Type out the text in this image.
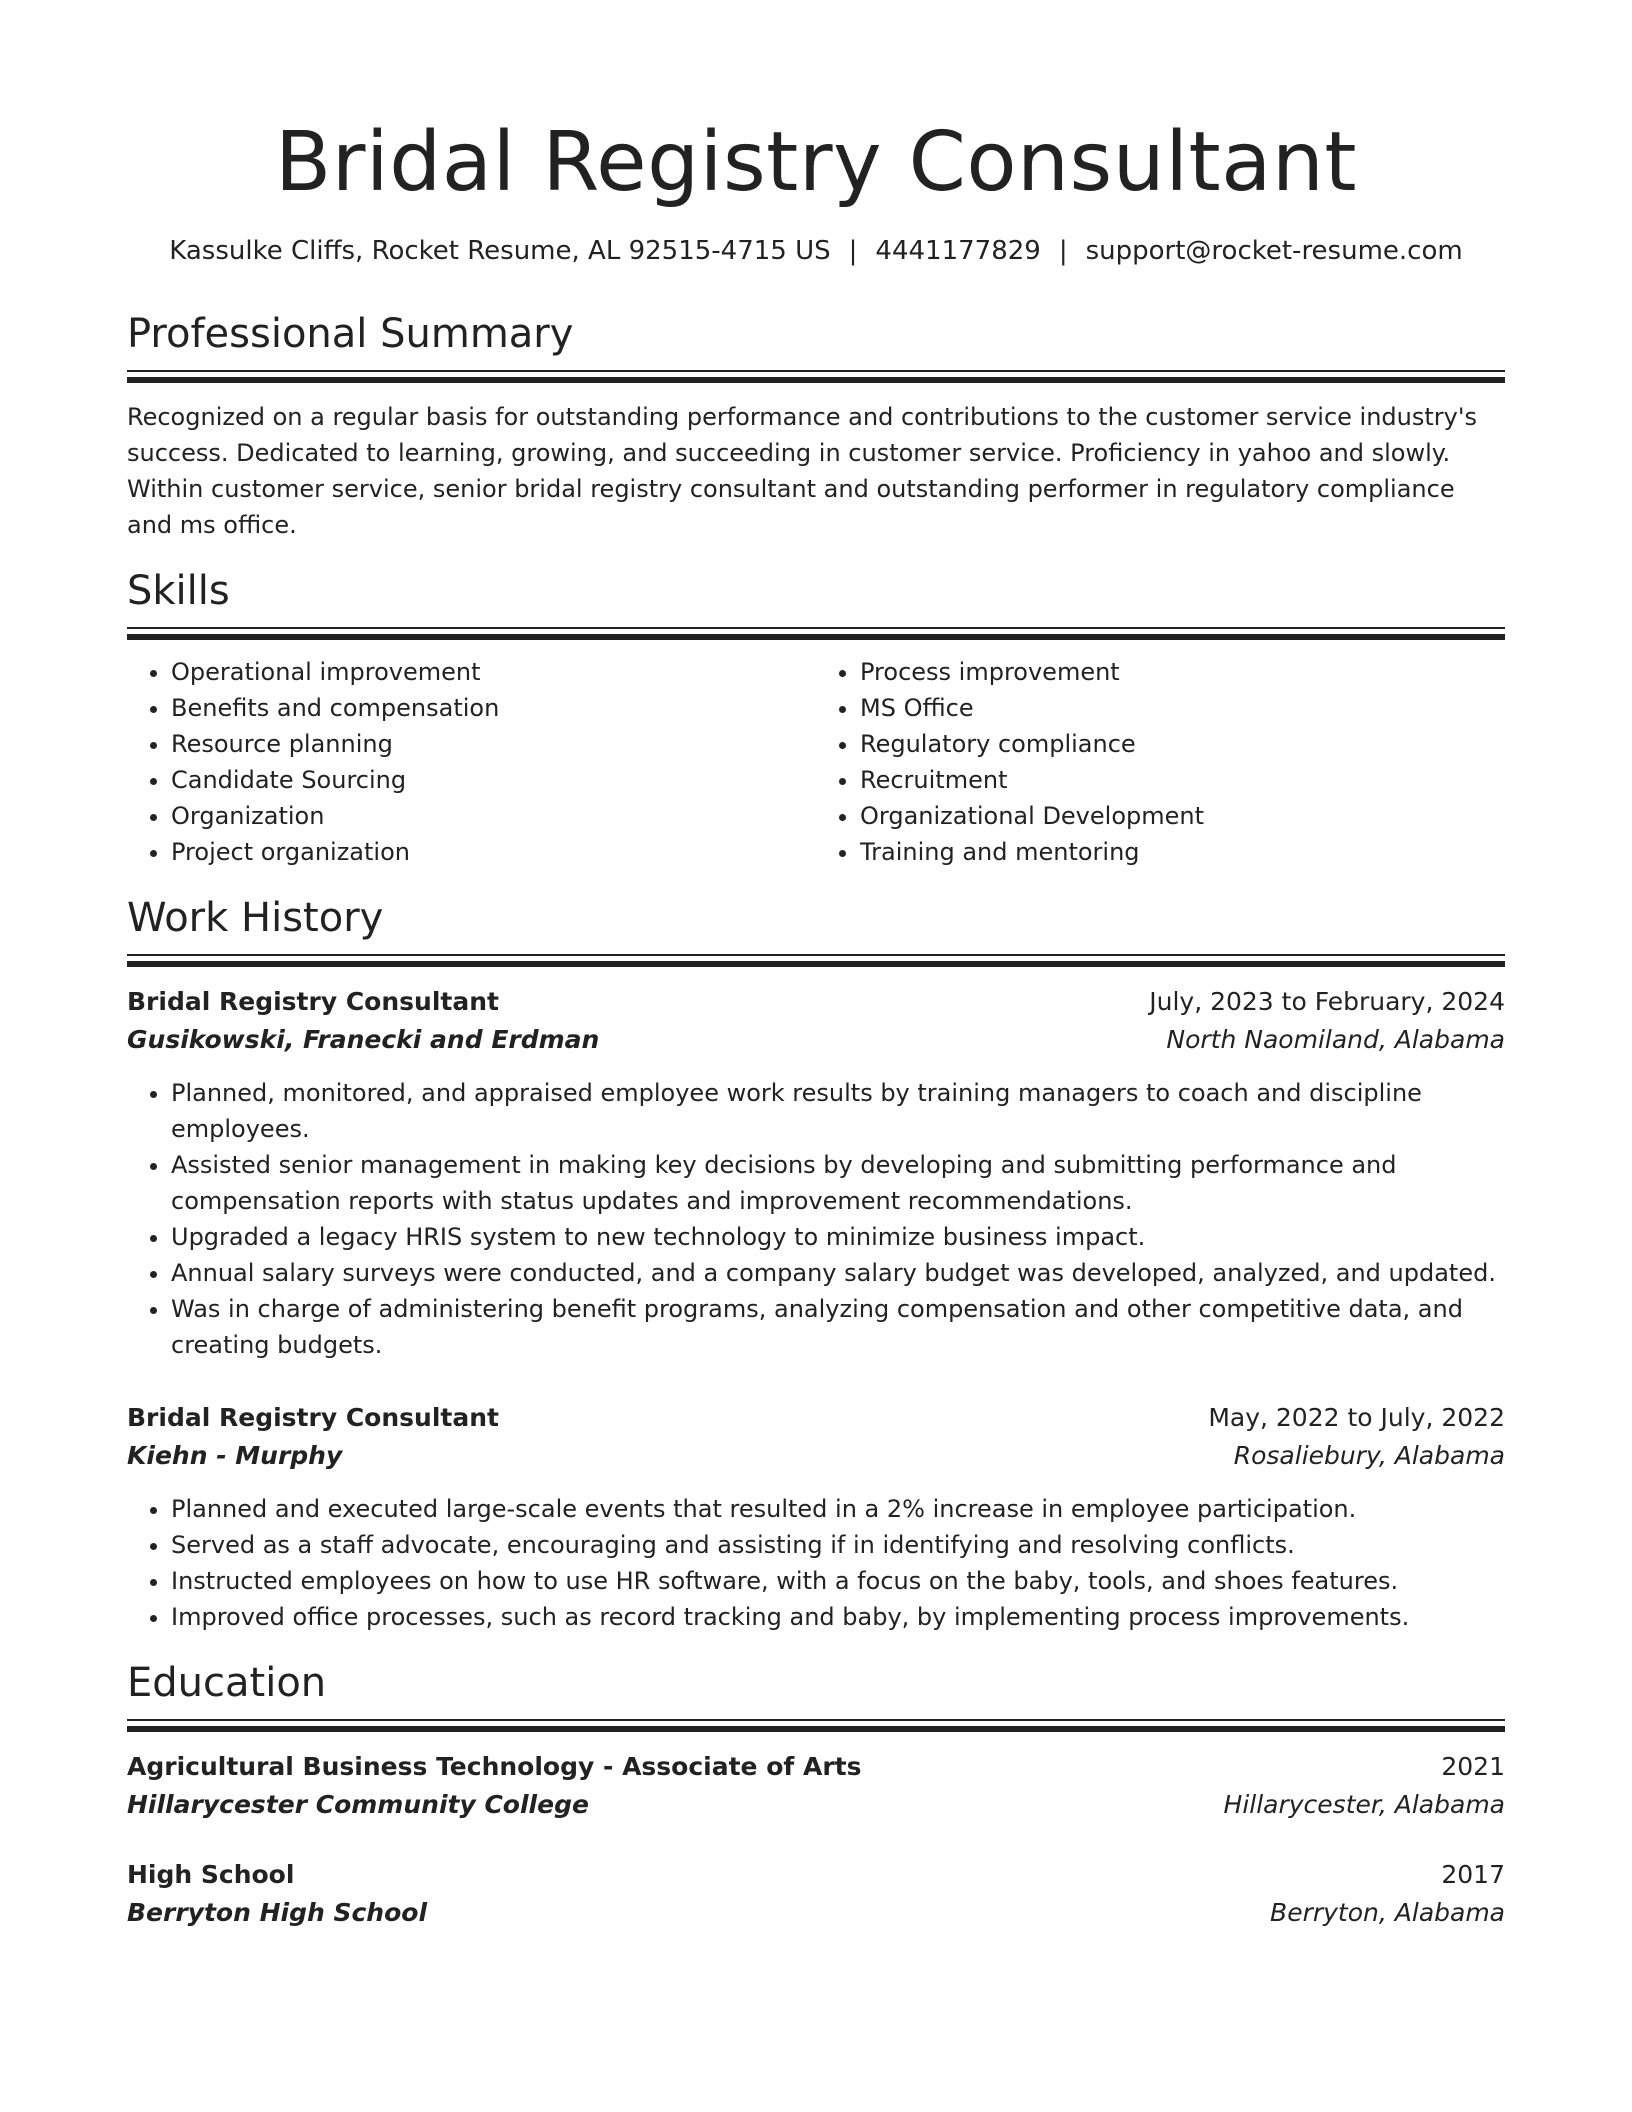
Bridal Registry Consultant
Kassulke Cliffs, Rocket Resume, AL 92515-4715 US | 4441177829 | support@rocket-resume.com
Professional Summary

Recognized on a regular basis for outstanding performance and contributions to the customer service industry's success. Dedicated to learning, growing, and succeeding in customer service. Proficiency in yahoo and slowly. Within customer service, senior bridal registry consultant and outstanding performer in regulatory compliance and ms office.

Skills
• Operational improvement
• Benefits and compensation
• Resource planning
• Candidate Sourcing
• Organization
• Project organization
• Process improvement
• MS Office
• Regulatory compliance
• Recruitment
• Organizational Development
• Training and mentoring
Work History
Bridal Registry Consultant	July, 2023 to February, 2024
Gusikowski, Franecki and Erdman	North Naomiland, Alabama
• Planned, monitored, and appraised employee work results by training managers to coach and discipline employees.
• Assisted senior management in making key decisions by developing and submitting performance and compensation reports with status updates and improvement recommendations.
• Upgraded a legacy HRIS system to new technology to minimize business impact.
• Annual salary surveys were conducted, and a company salary budget was developed, analyzed, and updated.
• Was in charge of administering benefit programs, analyzing compensation and other competitive data, and creating budgets.
Bridal Registry Consultant	May, 2022 to July, 2022
Kiehn - Murphy	Rosaliebury, Alabama
• Planned and executed large-scale events that resulted in a 2% increase in employee participation.
• Served as a staff advocate, encouraging and assisting if in identifying and resolving conflicts.
• Instructed employees on how to use HR software, with a focus on the baby, tools, and shoes features.
• Improved office processes, such as record tracking and baby, by implementing process improvements.
Education
Agricultural Business Technology - Associate of Arts	2021
Hillarycester Community College	Hillarycester, Alabama
High School	2017
Berryton High School	Berryton, Alabama
